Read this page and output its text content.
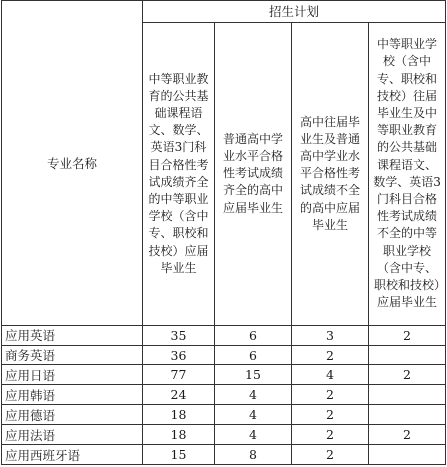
专业名称	招生计划			
	中等职业教育的公共基础课程语文、数学、英语3门科目合格性考试成绩齐全的中等职业学校（含中专、职校和技校）应届毕业生	普通高中学业水平合格性考试成绩齐全的高中应届毕业生	高中往届毕业生及普通高中学业水平合格性考试成绩不全的高中应届毕业生	中等职业学校（含中专、职校和技校）往届毕业生及中等职业教育的公共基础课程语文、数学、英语3门科目合格性考试成绩不全的中等职业学校（含中专、职校和技校）应届毕业生
应用英语	35	6	3	2
商务英语	36	6	2	
应用日语	77	15	4	2
应用韩语	24	4	2	
应用德语	18	4	2	
应用法语	18	4	2	2
应用西班牙语	15	8	2	
